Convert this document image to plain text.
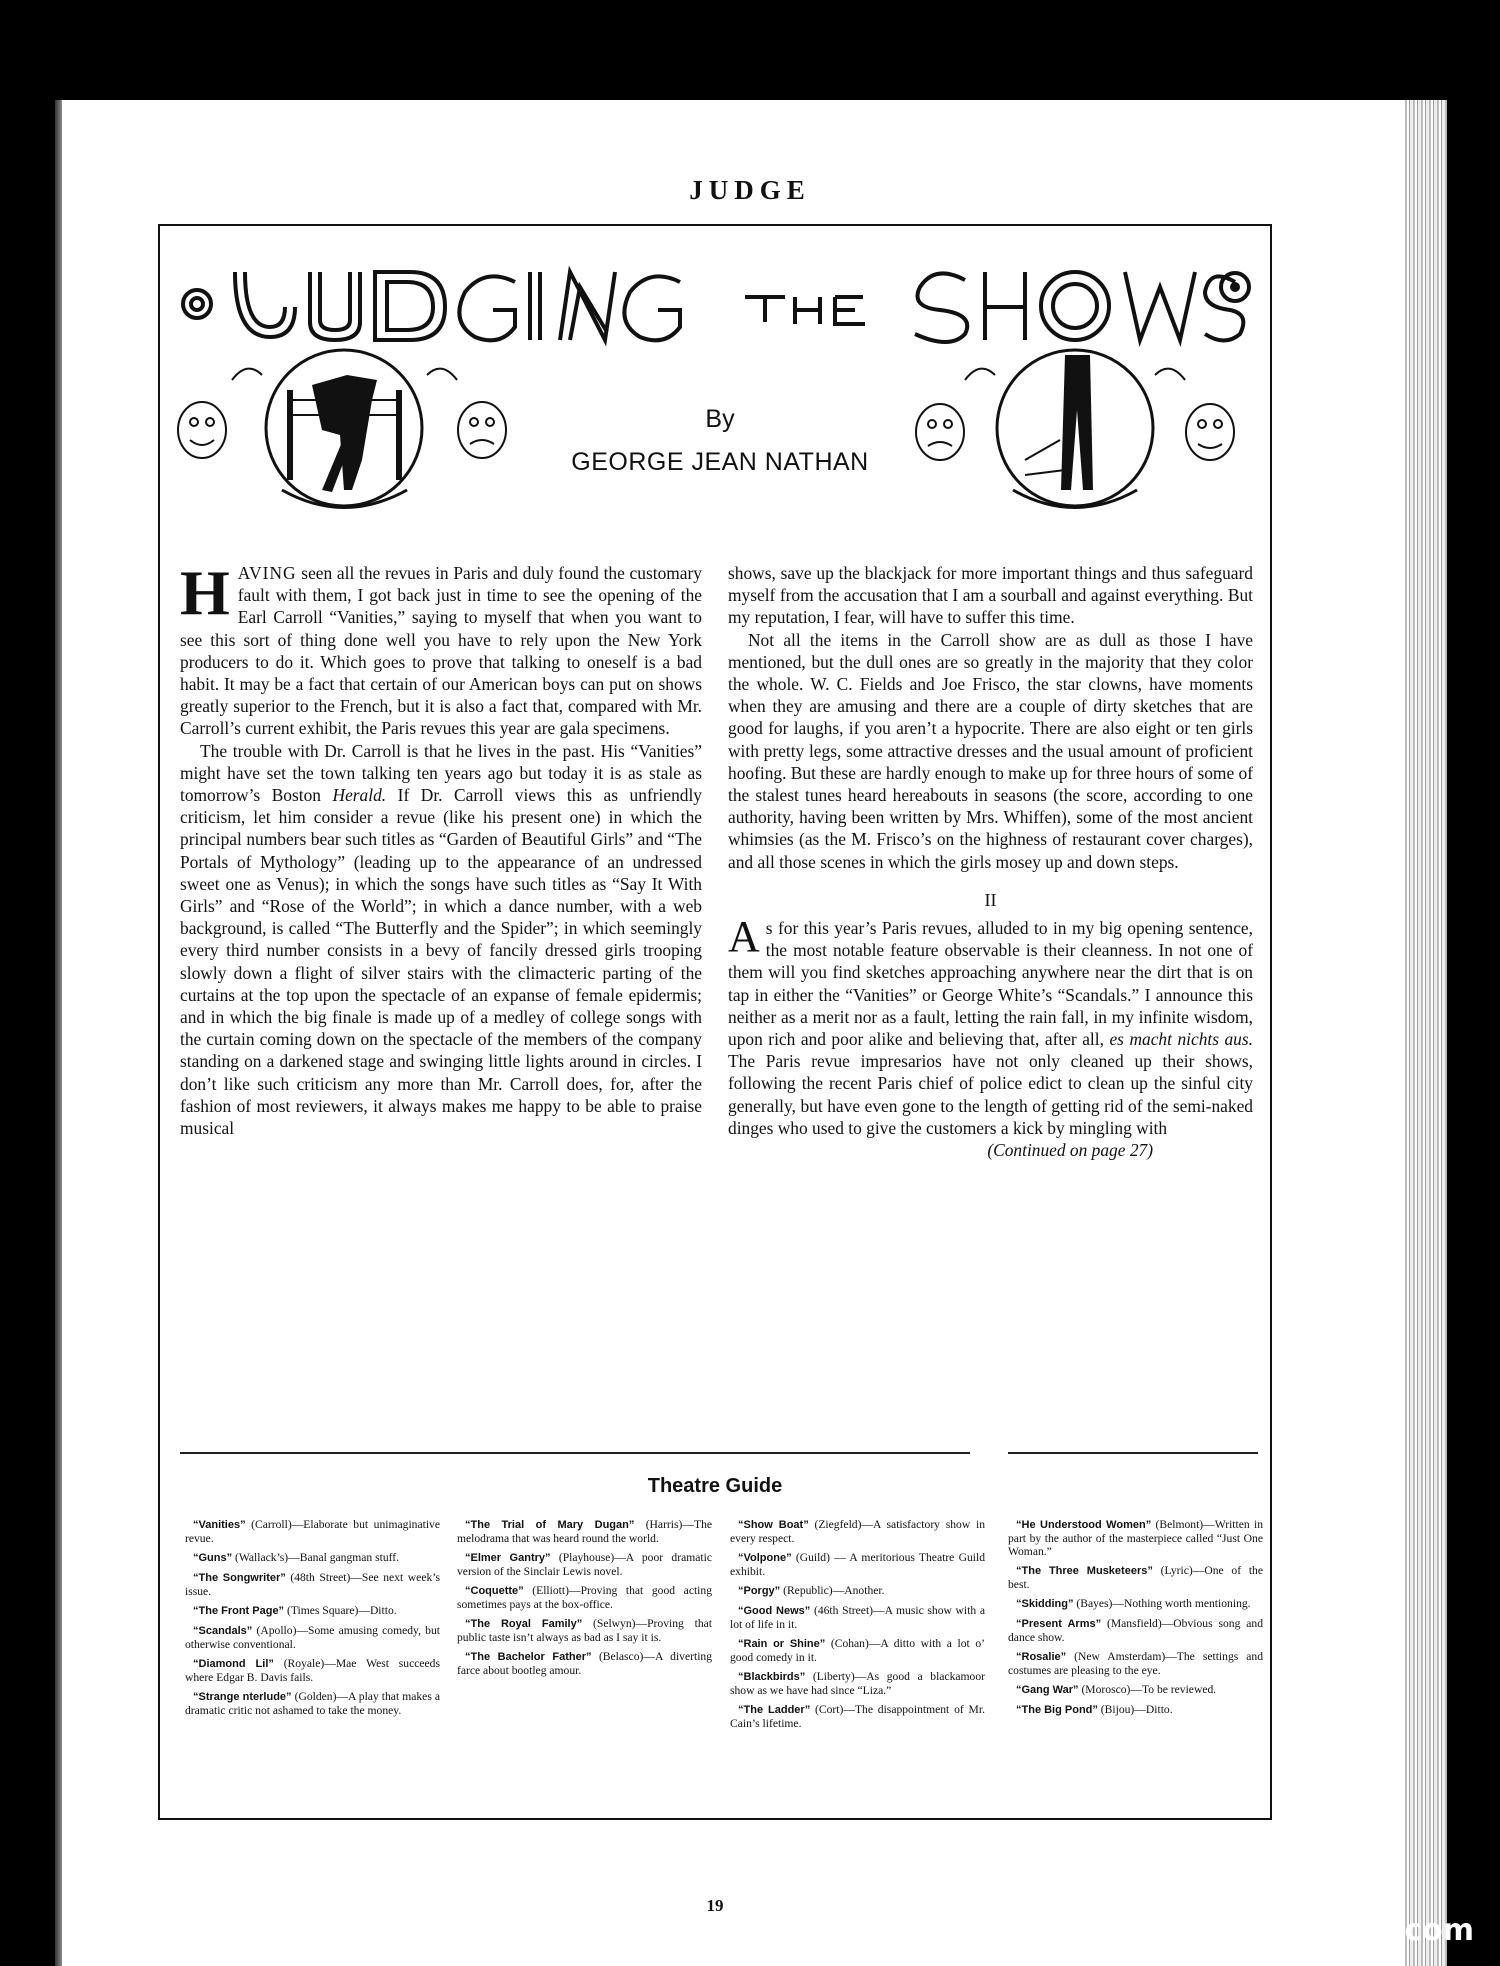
JUDGE
By
GEORGE JEAN NATHAN

HAVING seen all the revues in Paris and duly found the customary fault with them, I got back just in time to see the opening of the Earl Carroll “Vanities,” saying to myself that when you want to see this sort of thing done well you have to rely upon the New York producers to do it. Which goes to prove that talking to oneself is a bad habit. It may be a fact that certain of our American boys can put on shows greatly superior to the French, but it is also a fact that, compared with Mr. Carroll’s current exhibit, the Paris revues this year are gala specimens.

The trouble with Dr. Carroll is that he lives in the past. His “Vanities” might have set the town talking ten years ago but today it is as stale as tomorrow’s Boston Herald. If Dr. Carroll views this as unfriendly criticism, let him consider a revue (like his present one) in which the principal numbers bear such titles as “Garden of Beautiful Girls” and “The Portals of Mythology” (leading up to the appearance of an undressed sweet one as Venus); in which the songs have such titles as “Say It With Girls” and “Rose of the World”; in which a dance number, with a web background, is called “The Butterfly and the Spider”; in which seemingly every third number consists in a bevy of fancily dressed girls trooping slowly down a flight of silver stairs with the climacteric parting of the curtains at the top upon the spectacle of an expanse of female epidermis; and in which the big finale is made up of a medley of college songs with the curtain coming down on the spectacle of the members of the company standing on a darkened stage and swinging little lights around in circles. I don’t like such criticism any more than Mr. Carroll does, for, after the fashion of most reviewers, it always makes me happy to be able to praise musical

shows, save up the blackjack for more important things and thus safeguard myself from the accusation that I am a sourball and against everything. But my reputation, I fear, will have to suffer this time.

Not all the items in the Carroll show are as dull as those I have mentioned, but the dull ones are so greatly in the majority that they color the whole. W. C. Fields and Joe Frisco, the star clowns, have moments when they are amusing and there are a couple of dirty sketches that are good for laughs, if you aren’t a hypocrite. There are also eight or ten girls with pretty legs, some attractive dresses and the usual amount of proficient hoofing. But these are hardly enough to make up for three hours of some of the stalest tunes heard hereabouts in seasons (the score, according to one authority, having been written by Mrs. Whiffen), some of the most ancient whimsies (as the M. Frisco’s on the highness of restaurant cover charges), and all those scenes in which the girls mosey up and down steps.

II

As for this year’s Paris revues, alluded to in my big opening sentence, the most notable feature observable is their cleanness. In not one of them will you find sketches approaching anywhere near the dirt that is on tap in either the “Vanities” or George White’s “Scandals.” I announce this neither as a merit nor as a fault, letting the rain fall, in my infinite wisdom, upon rich and poor alike and believing that, after all, es macht nichts aus. The Paris revue impresarios have not only cleaned up their shows, following the recent Paris chief of police edict to clean up the sinful city generally, but have even gone to the length of getting rid of the semi-naked dinges who used to give the customers a kick by mingling with

(Continued on page 27)
Theatre Guide
“Vanities” (Carroll)—Elaborate but unimaginative revue.
“Guns” (Wallack’s)—Banal gangman stuff.
“The Songwriter” (48th Street)—See next week’s issue.
“The Front Page” (Times Square)—Ditto.
“Scandals” (Apollo)—Some amusing comedy, but otherwise conventional.
“Diamond Lil” (Royale)—Mae West succeeds where Edgar B. Davis fails.
“Strange nterlude” (Golden)—A play that makes a dramatic critic not ashamed to take the money.
“The Trial of Mary Dugan” (Harris)—The melodrama that was heard round the world.
“Elmer Gantry” (Playhouse)—A poor dramatic version of the Sinclair Lewis novel.
“Coquette” (Elliott)—Proving that good acting sometimes pays at the box-office.
“The Royal Family” (Selwyn)—Proving that public taste isn’t always as bad as I say it is.
“The Bachelor Father” (Belasco)—A diverting farce about bootleg amour.
“Show Boat” (Ziegfeld)—A satisfactory show in every respect.
“Volpone” (Guild) — A meritorious Theatre Guild exhibit.
“Porgy” (Republic)—Another.
“Good News” (46th Street)—A music show with a lot of life in it.
“Rain or Shine” (Cohan)—A ditto with a lot o’ good comedy in it.
“Blackbirds” (Liberty)—As good a blackamoor show as we have had since “Liza.”
“The Ladder” (Cort)—The disappointment of Mr. Cain’s lifetime.
“He Understood Women” (Belmont)—Written in part by the author of the masterpiece called “Just One Woman.”
“The Three Musketeers” (Lyric)—One of the best.
“Skidding” (Bayes)—Nothing worth mentioning.
“Present Arms” (Mansfield)—Obvious song and dance show.
“Rosalie” (New Amsterdam)—The settings and costumes are pleasing to the eye.
“Gang War” (Morosco)—To be reviewed.
“The Big Pond” (Bijou)—Ditto.
19
comicbooks.com
